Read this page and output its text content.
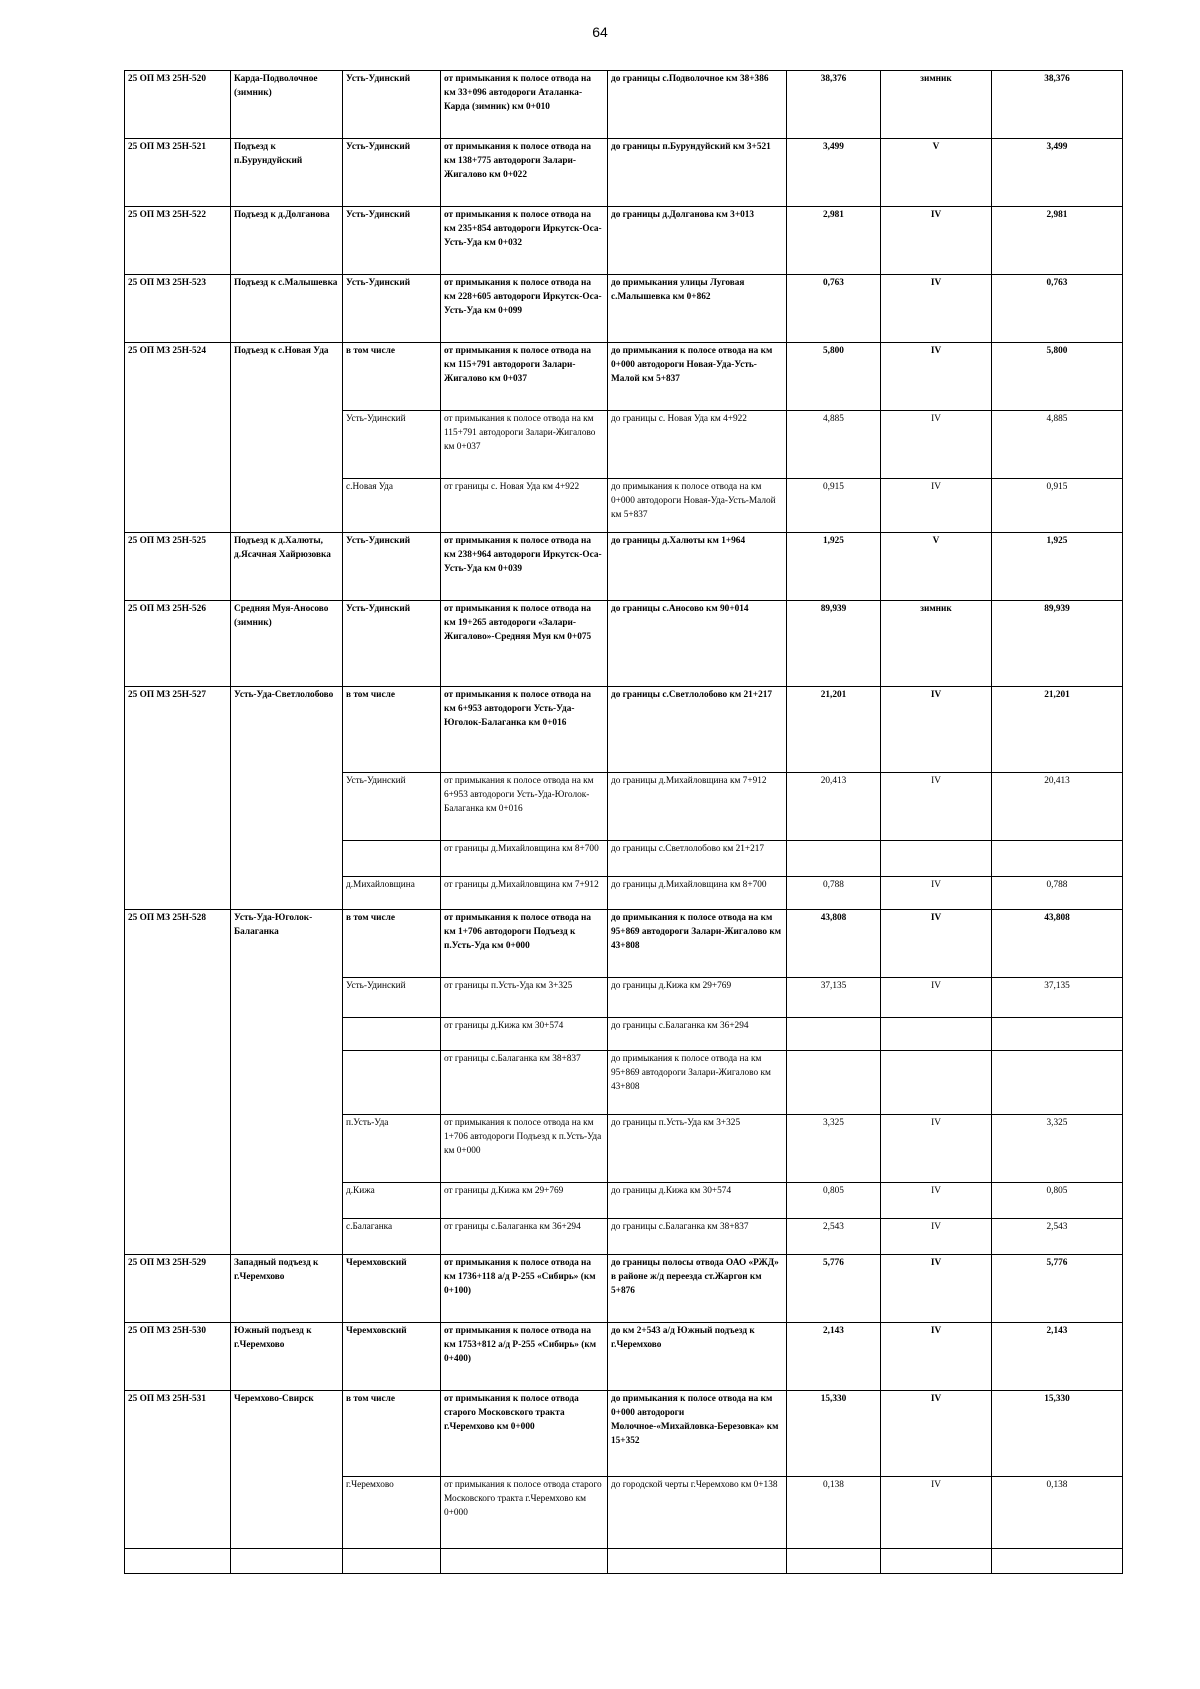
64
25 ОП МЗ 25Н-520	Карда-Подволочное (зимник)	Усть-Удинский	от примыкания к полосе отвода на км 33+096 автодороги Аталанка-Карда (зимник) км 0+010	до границы с.Подволочное км 38+386	38,376	зимник	38,376
25 ОП МЗ 25Н-521	Подъезд к п.Бурундуйский	Усть-Удинский	от примыкания к полосе отвода на км 138+775 автодороги Залари-Жигалово км 0+022	до границы п.Бурундуйский км 3+521	3,499	V	3,499
25 ОП МЗ 25Н-522	Подъезд к д.Долганова	Усть-Удинский	от примыкания к полосе отвода на км 235+854 автодороги Иркутск-Оса-Усть-Уда км 0+032	до границы д.Долганова км 3+013	2,981	IV	2,981
25 ОП МЗ 25Н-523	Подъезд к с.Малышевка	Усть-Удинский	от примыкания к полосе отвода на км 228+605 автодороги Иркутск-Оса-Усть-Уда км 0+099	до примыкания улицы Луговая с.Малышевка км 0+862	0,763	IV	0,763
25 ОП МЗ 25Н-524	Подъезд к с.Новая Уда	в том числе	от примыкания к полосе отвода на км 115+791 автодороги Залари-Жигалово км 0+037	до примыкания к полосе отвода на км 0+000 автодороги Новая-Уда-Усть-Малой км 5+837	5,800	IV	5,800
		Усть-Удинский	от примыкания к полосе отвода на км 115+791 автодороги Залари-Жигалово км 0+037	до границы с. Новая Уда км 4+922	4,885	IV	4,885
		с.Новая Уда	от границы с. Новая Уда км 4+922	до примыкания к полосе отвода на км 0+000 автодороги Новая-Уда-Усть-Малой км 5+837	0,915	IV	0,915
25 ОП МЗ 25Н-525	Подъезд к д.Халюты, д.Ясачная Хайрюзовка	Усть-Удинский	от примыкания к полосе отвода на км 238+964 автодороги Иркутск-Оса-Усть-Уда км 0+039	до границы д.Халюты км 1+964	1,925	V	1,925
25 ОП МЗ 25Н-526	Средняя Муя-Аносово (зимник)	Усть-Удинский	от примыкания к полосе отвода на км 19+265 автодороги «Залари-Жигалово»-Средняя Муя км 0+075	до границы с.Аносово км 90+014	89,939	зимник	89,939
25 ОП МЗ 25Н-527	Усть-Уда-Светлолобово	в том числе	от примыкания к полосе отвода на км 6+953 автодороги Усть-Уда-Юголок-Балаганка км 0+016	до границы с.Светлолобово км 21+217	21,201	IV	21,201
		Усть-Удинский	от примыкания к полосе отвода на км 6+953 автодороги Усть-Уда-Юголок-Балаганка км 0+016	до границы д.Михайловщина км 7+912	20,413	IV	20,413
			от границы д.Михайловщина км 8+700	до границы с.Светлолобово км 21+217			
		д.Михайловщина	от границы д.Михайловщина км 7+912	до границы д.Михайловщина км 8+700	0,788	IV	0,788
25 ОП МЗ 25Н-528	Усть-Уда-Юголок-Балаганка	в том числе	от примыкания к полосе отвода на км 1+706 автодороги Подъезд к п.Усть-Уда км 0+000	до примыкания к полосе отвода на км 95+869 автодороги Залари-Жигалово км 43+808	43,808	IV	43,808
		Усть-Удинский	от границы п.Усть-Уда км 3+325	до границы д.Кижа км 29+769	37,135	IV	37,135
			от границы д.Кижа км 30+574	до границы с.Балаганка км 36+294			
			от границы с.Балаганка км 38+837	до примыкания к полосе отвода на км 95+869 автодороги Залари-Жигалово км 43+808			
		п.Усть-Уда	от примыкания к полосе отвода на км 1+706 автодороги Подъезд к п.Усть-Уда км 0+000	до границы п.Усть-Уда км 3+325	3,325	IV	3,325
		д.Кижа	от границы д.Кижа км 29+769	до границы д.Кижа км 30+574	0,805	IV	0,805
		с.Балаганка	от границы с.Балаганка км 36+294	до границы с.Балаганка км 38+837	2,543	IV	2,543
25 ОП МЗ 25Н-529	Западный подъезд к г.Черемхово	Черемховский	от примыкания к полосе отвода на км 1736+118 а/д Р-255 «Сибирь» (км 0+100)	до границы полосы отвода ОАО «РЖД» в районе ж/д переезда ст.Жаргон км 5+876	5,776	IV	5,776
25 ОП МЗ 25Н-530	Южный подъезд к г.Черемхово	Черемховский	от примыкания к полосе отвода на км 1753+812 а/д Р-255 «Сибирь» (км 0+400)	до км 2+543 а/д Южный подъезд к г.Черемхово	2,143	IV	2,143
25 ОП МЗ 25Н-531	Черемхово-Свирск	в том числе	от примыкания к полосе отвода старого Московского тракта г.Черемхово км 0+000	до примыкания к полосе отвода на км 0+000 автодороги Молочное-«Михайловка-Березовка» км 15+352	15,330	IV	15,330
		г.Черемхово	от примыкания к полосе отвода старого Московского тракта г.Черемхово км 0+000	до городской черты г.Черемхово км 0+138	0,138	IV	0,138
